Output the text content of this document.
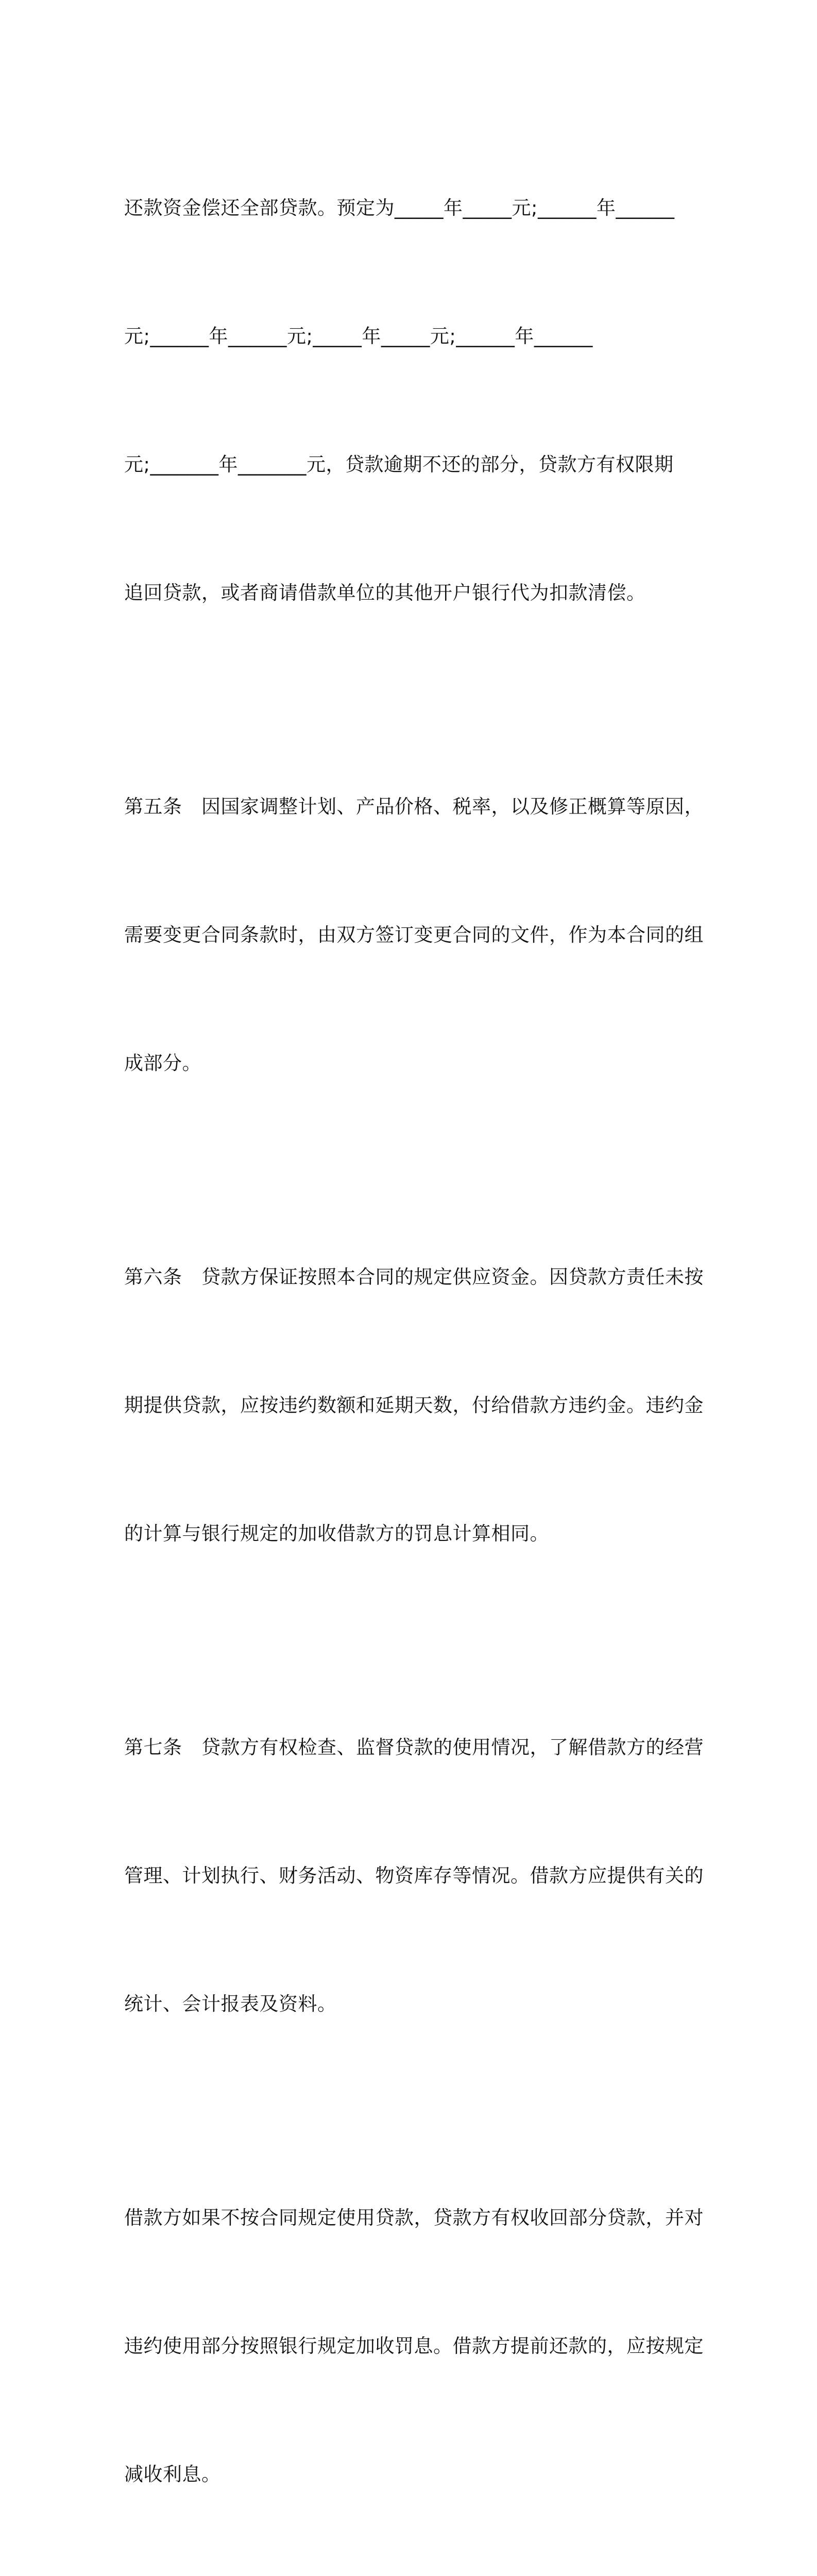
还款资金偿还全部贷款。预定为_____年_____元;______年______

元;______年______元;_____年_____元;______年______

元;_______年_______元，贷款逾期不还的部分，贷款方有权限期

追回贷款，或者商请借款单位的其他开户银行代为扣款清偿。

第五条　因国家调整计划、产品价格、税率，以及修正概算等原因，

需要变更合同条款时，由双方签订变更合同的文件，作为本合同的组

成部分。

第六条　贷款方保证按照本合同的规定供应资金。因贷款方责任未按

期提供贷款，应按违约数额和延期天数，付给借款方违约金。违约金

的计算与银行规定的加收借款方的罚息计算相同。

第七条　贷款方有权检查、监督贷款的使用情况，了解借款方的经营

管理、计划执行、财务活动、物资库存等情况。借款方应提供有关的

统计、会计报表及资料。

借款方如果不按合同规定使用贷款，贷款方有权收回部分贷款，并对

违约使用部分按照银行规定加收罚息。借款方提前还款的，应按规定

减收利息。
